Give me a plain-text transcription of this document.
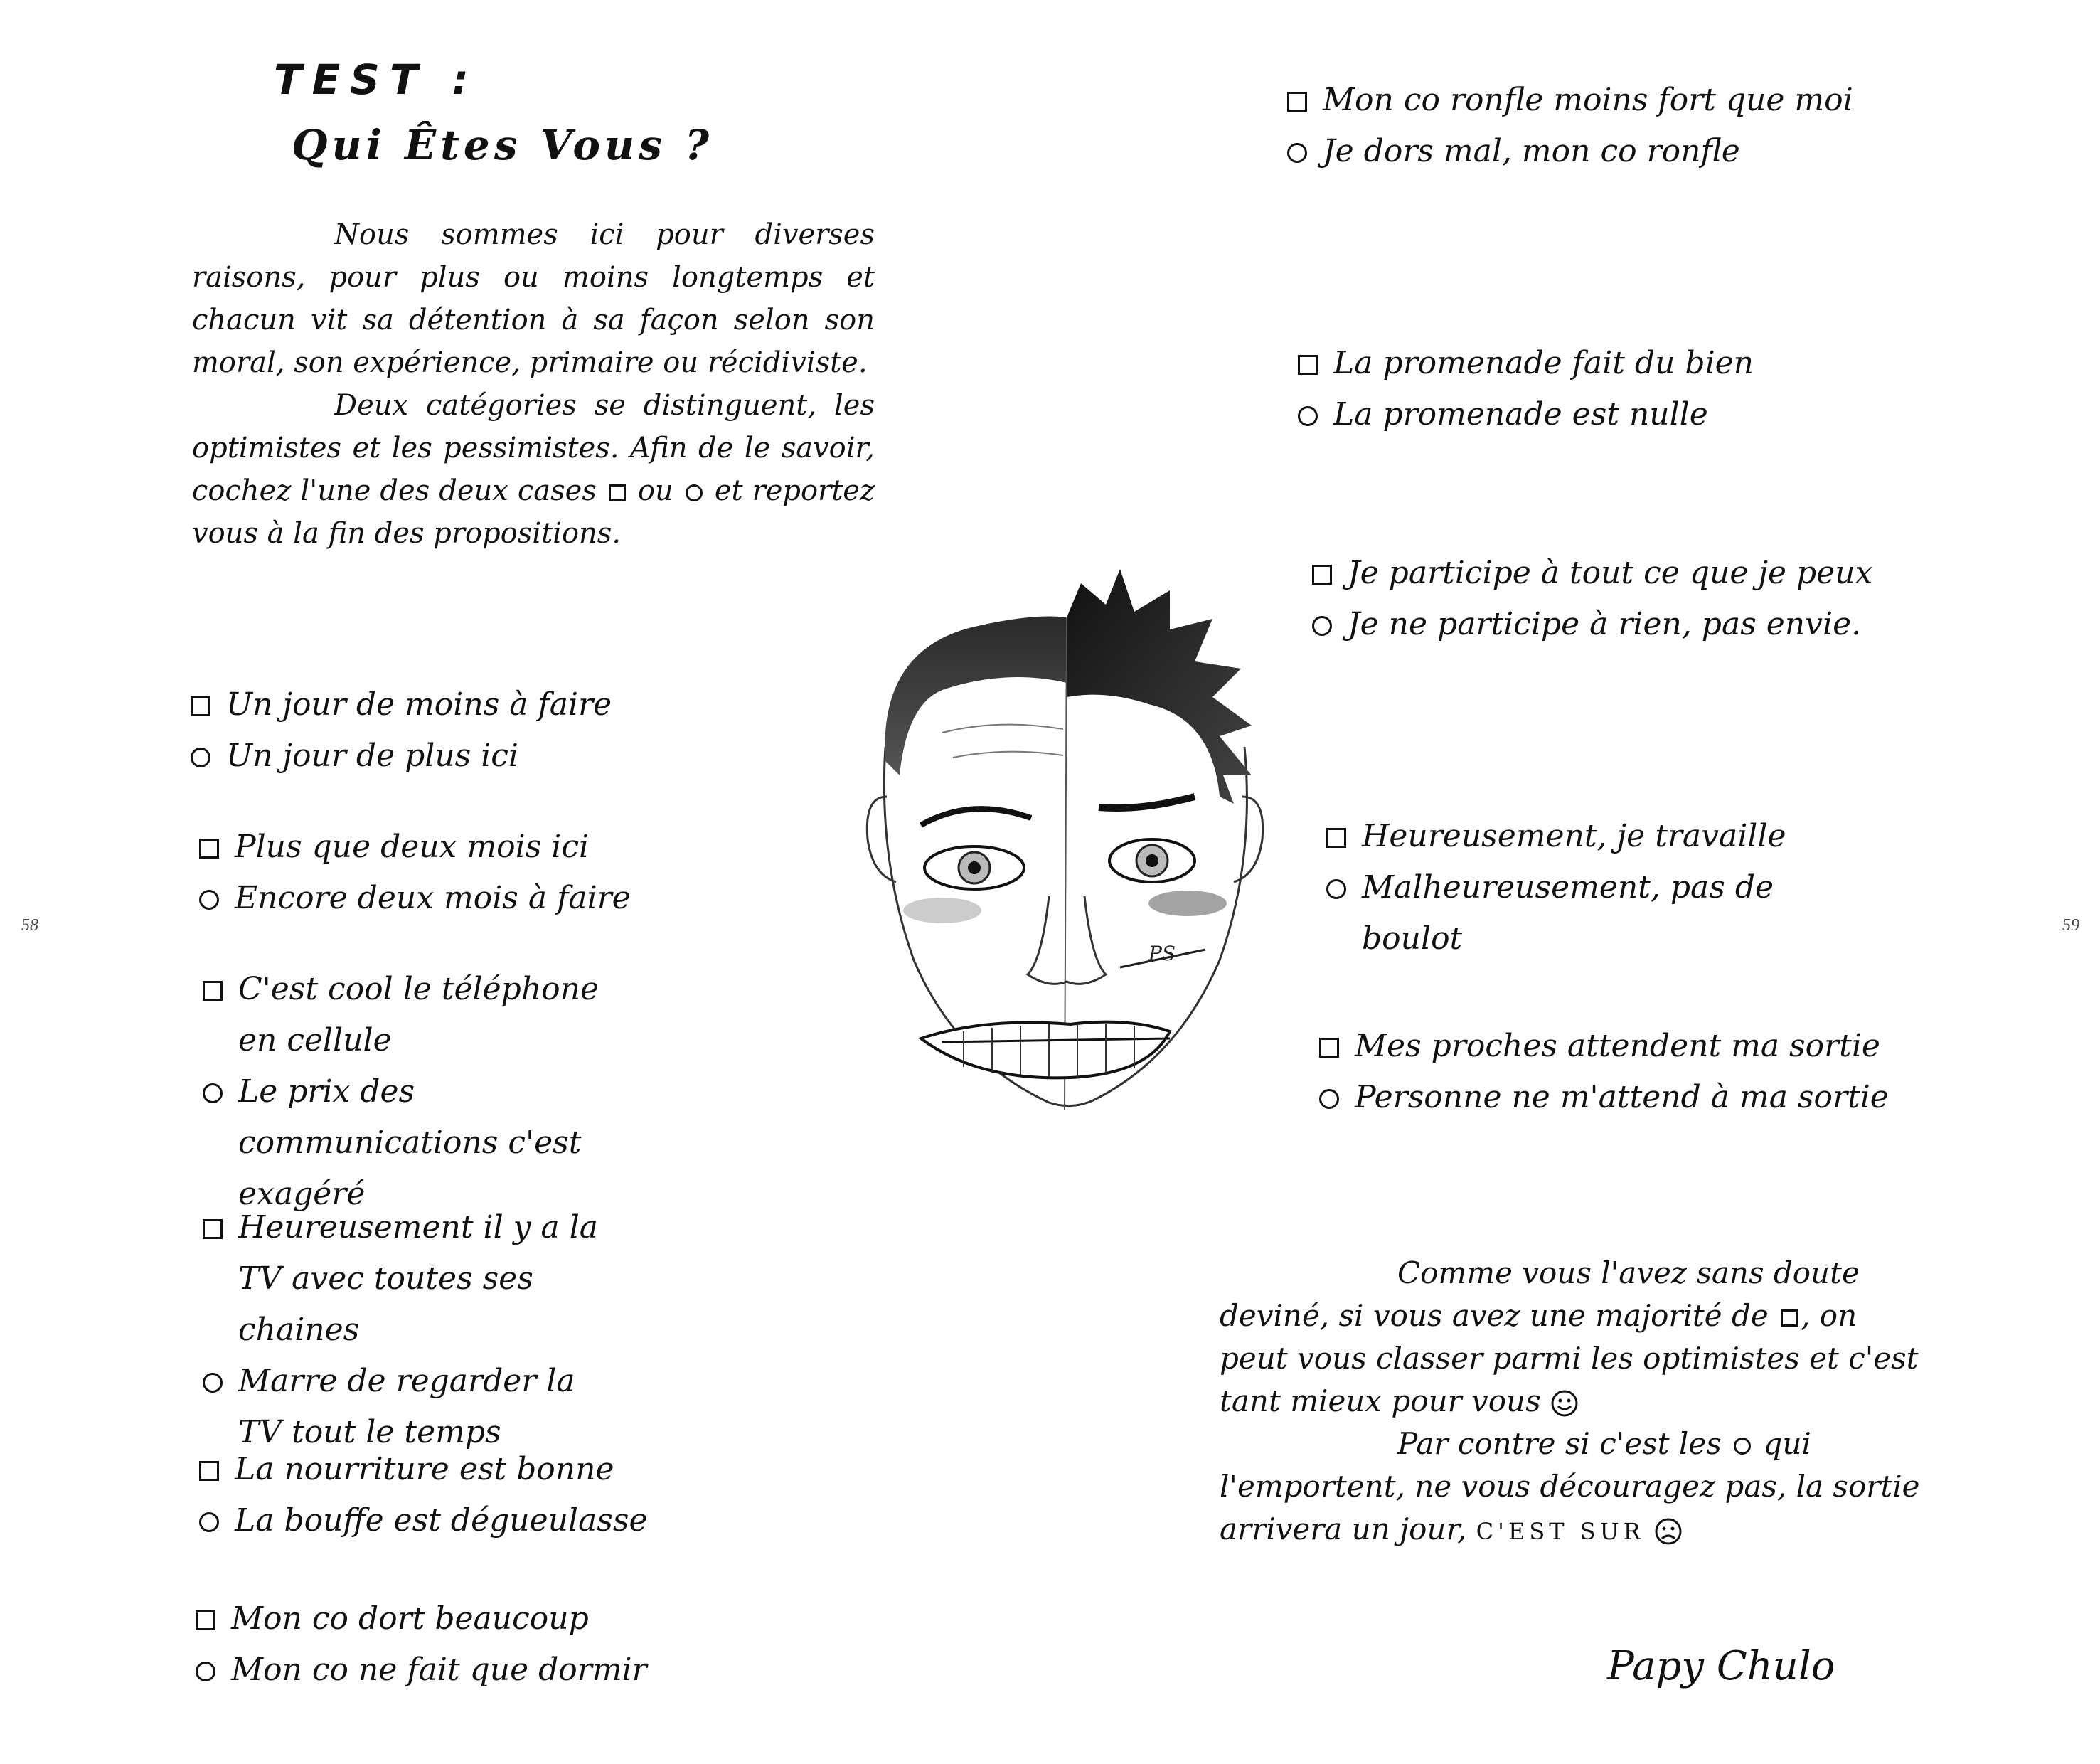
58	59
TEST :
Qui Êtes Vous ?

Nous sommes ici pour diverses raisons, pour plus ou moins longtemps et chacun vit sa détention à sa façon selon son moral, son expérience, primaire ou récidiviste.

Deux catégories se distinguent, les optimistes et les pessimistes. Afin de le savoir, cochez l'une des deux cases ou et reportez vous à la fin des propositions.

Un jour de moins à faire
Un jour de plus ici
Plus que deux mois ici
Encore deux mois à faire
C'est cool le téléphone en cellule
Le prix des communications c'est exagéré
Heureusement il y a la TV avec toutes ses chaines
Marre de regarder la TV tout le temps
La nourriture est bonne
La bouffe est dégueulasse
Mon co dort beaucoup
Mon co ne fait que dormir
PS
Mon co ronfle moins fort que moi
Je dors mal, mon co ronfle
La promenade fait du bien
La promenade est nulle
Je participe à tout ce que je peux
Je ne participe à rien, pas envie.
Heureusement, je travaille
Malheureusement, pas de boulot
Mes proches attendent ma sortie
Personne ne m'attend à ma sortie

Comme vous l'avez sans doute deviné, si vous avez une majorité de , on peut vous classer parmi les optimistes et c'est tant mieux pour vous

Par contre si c'est les qui l'emportent, ne vous découragez pas, la sortie arrivera un jour, C'EST SUR

Papy Chulo
